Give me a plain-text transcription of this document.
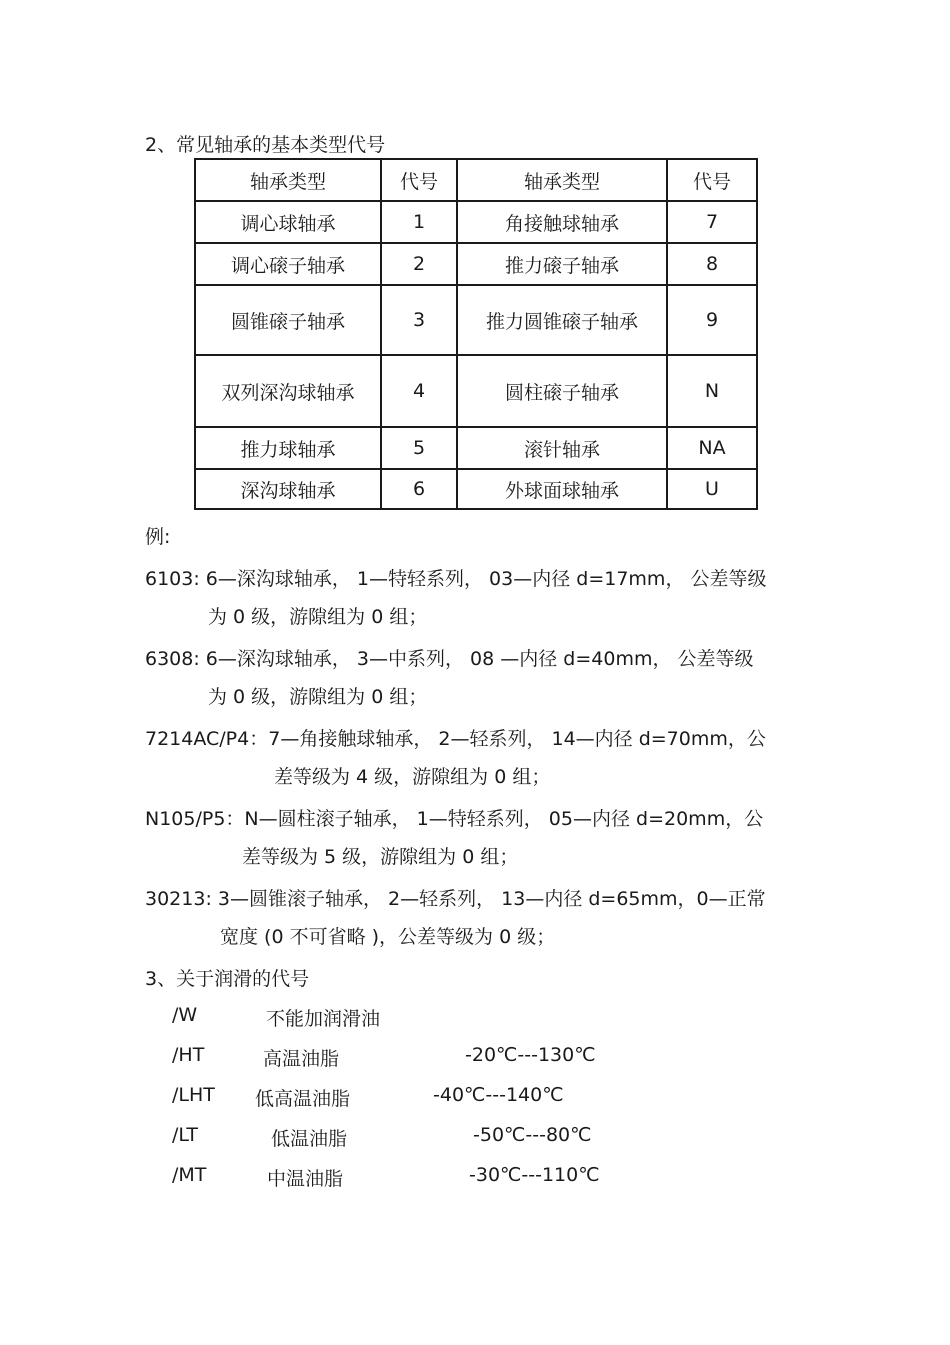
2、常见轴承的基本类型代号
轴承类型	代号	轴承类型	代号
调心球轴承	1	角接触球轴承	7
调心磙子轴承	2	推力磙子轴承	8
圆锥磙子轴承	3	推力圆锥磙子轴承	9
双列深沟球轴承	4	圆柱磙子轴承	N
推力球轴承	5	滚针轴承	NA
深沟球轴承	6	外球面球轴承	U
例:
6103: 6—深沟球轴承， 1—特轻系列， 03—内径 d=17mm， 公差等级
为 0 级，游隙组为 0 组；
6308: 6—深沟球轴承， 3—中系列， 08 —内径 d=40mm， 公差等级
为 0 级，游隙组为 0 组；
7214AC/P4：7—角接触球轴承， 2—轻系列， 14—内径 d=70mm，公
差等级为 4 级，游隙组为 0 组；
N105/P5：N—圆柱滚子轴承， 1—特轻系列， 05—内径 d=20mm，公
差等级为 5 级，游隙组为 0 组；
30213: 3—圆锥滚子轴承， 2—轻系列， 13—内径 d=65mm，0—正常
宽度 (0 不可省略 )，公差等级为 0 级；
3、关于润滑的代号
/W	不能加润滑油
/HT	高温油脂	-20℃---130℃
/LHT 低高温油脂	-40℃---140℃
/LT	低温油脂	-50℃---80℃
/MT	中温油脂	-30℃---110℃
